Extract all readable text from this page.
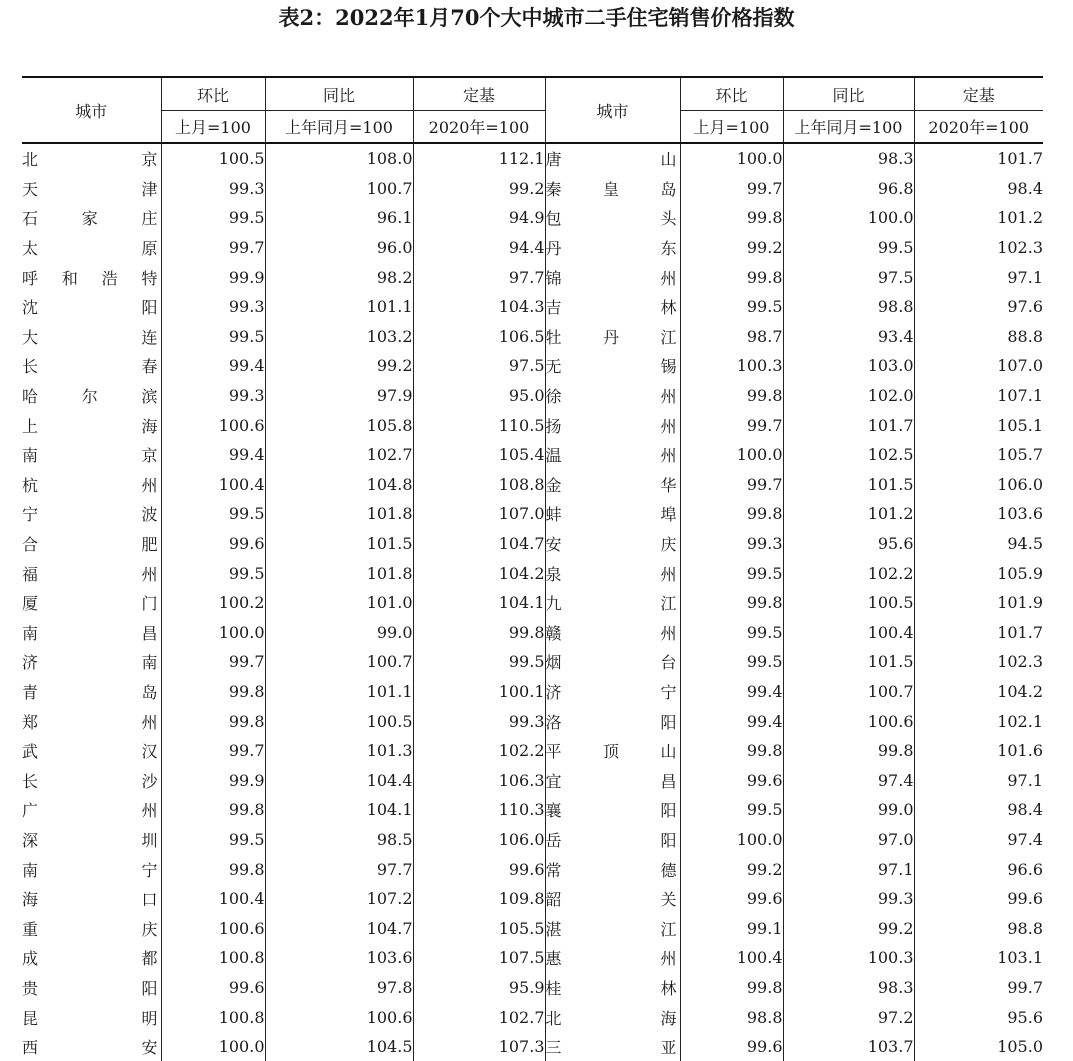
表2：2022年1月70个大中城市二手住宅销售价格指数
城市	环比	同比	定基	城市	环比	同比	定基
	上月=100	上年同月=100	2020年=100		上月=100	上年同月=100	2020年=100

北京	100.5	108.0	112.1	唐山	100.0	98.3	101.7

天津	99.3	100.7	99.2	秦皇岛	99.7	96.8	98.4

石家庄	99.5	96.1	94.9	包头	99.8	100.0	101.2

太原	99.7	96.0	94.4	丹东	99.2	99.5	102.3

呼和浩特	99.9	98.2	97.7	锦州	99.8	97.5	97.1

沈阳	99.3	101.1	104.3	吉林	99.5	98.8	97.6

大连	99.5	103.2	106.5	牡丹江	98.7	93.4	88.8

长春	99.4	99.2	97.5	无锡	100.3	103.0	107.0

哈尔滨	99.3	97.9	95.0	徐州	99.8	102.0	107.1

上海	100.6	105.8	110.5	扬州	99.7	101.7	105.1

南京	99.4	102.7	105.4	温州	100.0	102.5	105.7

杭州	100.4	104.8	108.8	金华	99.7	101.5	106.0

宁波	99.5	101.8	107.0	蚌埠	99.8	101.2	103.6

合肥	99.6	101.5	104.7	安庆	99.3	95.6	94.5

福州	99.5	101.8	104.2	泉州	99.5	102.2	105.9

厦门	100.2	101.0	104.1	九江	99.8	100.5	101.9

南昌	100.0	99.0	99.8	赣州	99.5	100.4	101.7

济南	99.7	100.7	99.5	烟台	99.5	101.5	102.3

青岛	99.8	101.1	100.1	济宁	99.4	100.7	104.2

郑州	99.8	100.5	99.3	洛阳	99.4	100.6	102.1

武汉	99.7	101.3	102.2	平顶山	99.8	99.8	101.6

长沙	99.9	104.4	106.3	宜昌	99.6	97.4	97.1

广州	99.8	104.1	110.3	襄阳	99.5	99.0	98.4

深圳	99.5	98.5	106.0	岳阳	100.0	97.0	97.4

南宁	99.8	97.7	99.6	常德	99.2	97.1	96.6

海口	100.4	107.2	109.8	韶关	99.6	99.3	99.6

重庆	100.6	104.7	105.5	湛江	99.1	99.2	98.8

成都	100.8	103.6	107.5	惠州	100.4	100.3	103.1

贵阳	99.6	97.8	95.9	桂林	99.8	98.3	99.7

昆明	100.8	100.6	102.7	北海	98.8	97.2	95.6

西安	100.0	104.5	107.3	三亚	99.6	103.7	105.0
